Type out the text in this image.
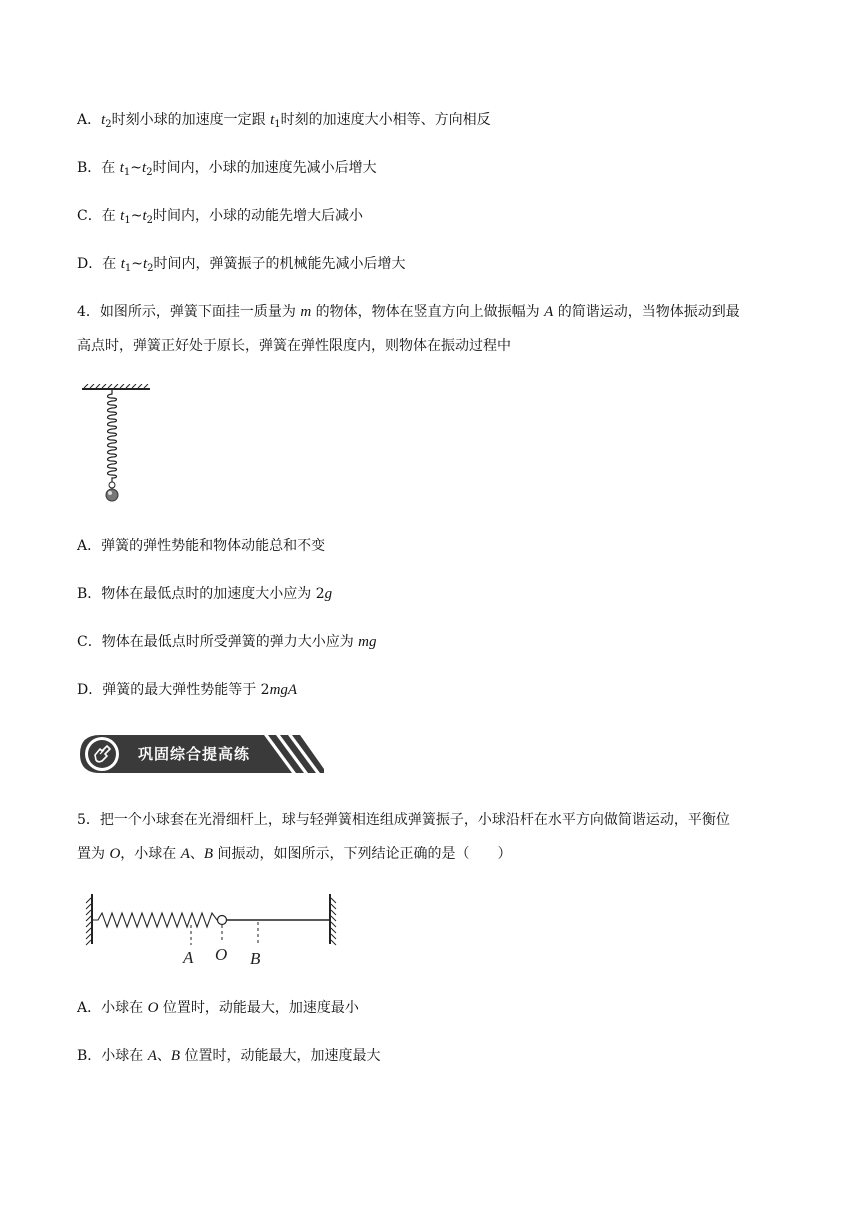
A．$t_2$时刻小球的加速度一定跟 $t_1$时刻的加速度大小相等、方向相反
B．在 $t_1\sim t_2$时间内，小球的加速度先减小后增大
C．在 $t_1\sim t_2$时间内，小球的动能先增大后减小
D．在 $t_1\sim t_2$时间内，弹簧振子的机械能先减小后增大
4．如图所示，弹簧下面挂一质量为 m 的物体，物体在竖直方向上做振幅为 A 的简谐运动，当物体振动到最
高点时，弹簧正好处于原长，弹簧在弹性限度内，则物体在振动过程中
A．弹簧的弹性势能和物体动能总和不变
B．物体在最低点时的加速度大小应为 2g
C．物体在最低点时所受弹簧的弹力大小应为 mg
D．弹簧的最大弹性势能等于 2mgA
巩固综合提高练
5．把一个小球套在光滑细杆上，球与轻弹簧相连组成弹簧振子，小球沿杆在水平方向做简谐运动，平衡位
置为 O，小球在 A、B 间振动，如图所示，下列结论正确的是（　　）
A O B
A．小球在 O 位置时，动能最大，加速度最小
B．小球在 A、B 位置时，动能最大，加速度最大
